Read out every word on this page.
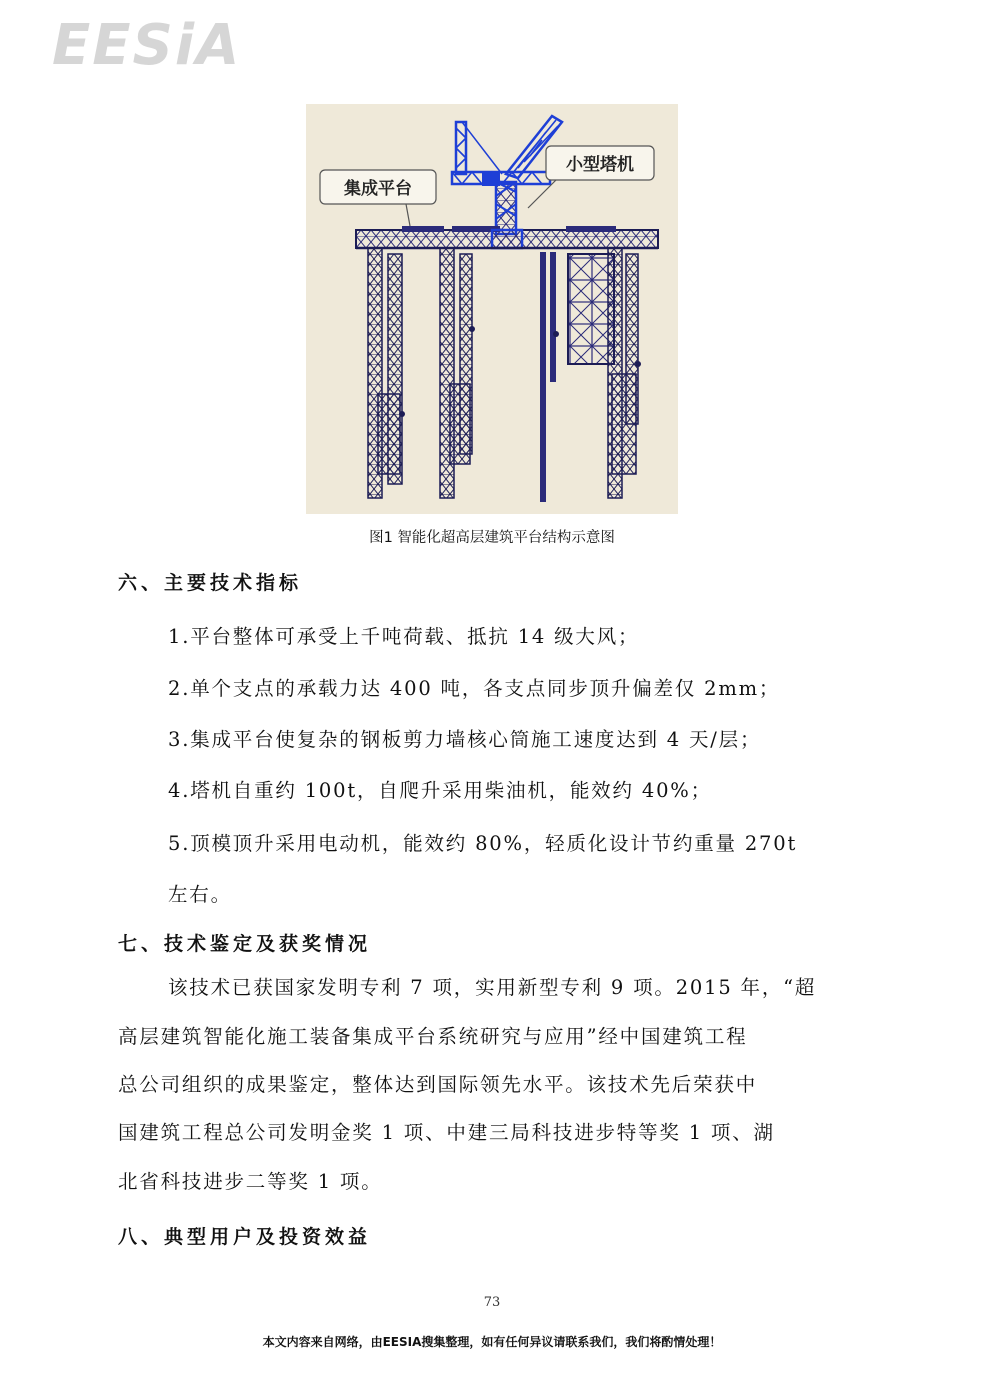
EESiA
集成平台
小型塔机
图1 智能化超高层建筑平台结构示意图
六、主要技术指标
1.平台整体可承受上千吨荷载、抵抗 14 级大风；
2.单个支点的承载力达 400 吨，各支点同步顶升偏差仅 2mm；
3.集成平台使复杂的钢板剪力墙核心筒施工速度达到 4 天/层；
4.塔机自重约 100t，自爬升采用柴油机，能效约 40%；
5.顶模顶升采用电动机，能效约 80%，轻质化设计节约重量 270t
左右。
七、技术鉴定及获奖情况
该技术已获国家发明专利 7 项，实用新型专利 9 项。2015 年，“超
高层建筑智能化施工装备集成平台系统研究与应用”经中国建筑工程
总公司组织的成果鉴定，整体达到国际领先水平。该技术先后荣获中
国建筑工程总公司发明金奖 1 项、中建三局科技进步特等奖 1 项、湖
北省科技进步二等奖 1 项。
八、典型用户及投资效益
73
本文内容来自网络，由EESIA搜集整理，如有任何异议请联系我们，我们将酌情处理！
